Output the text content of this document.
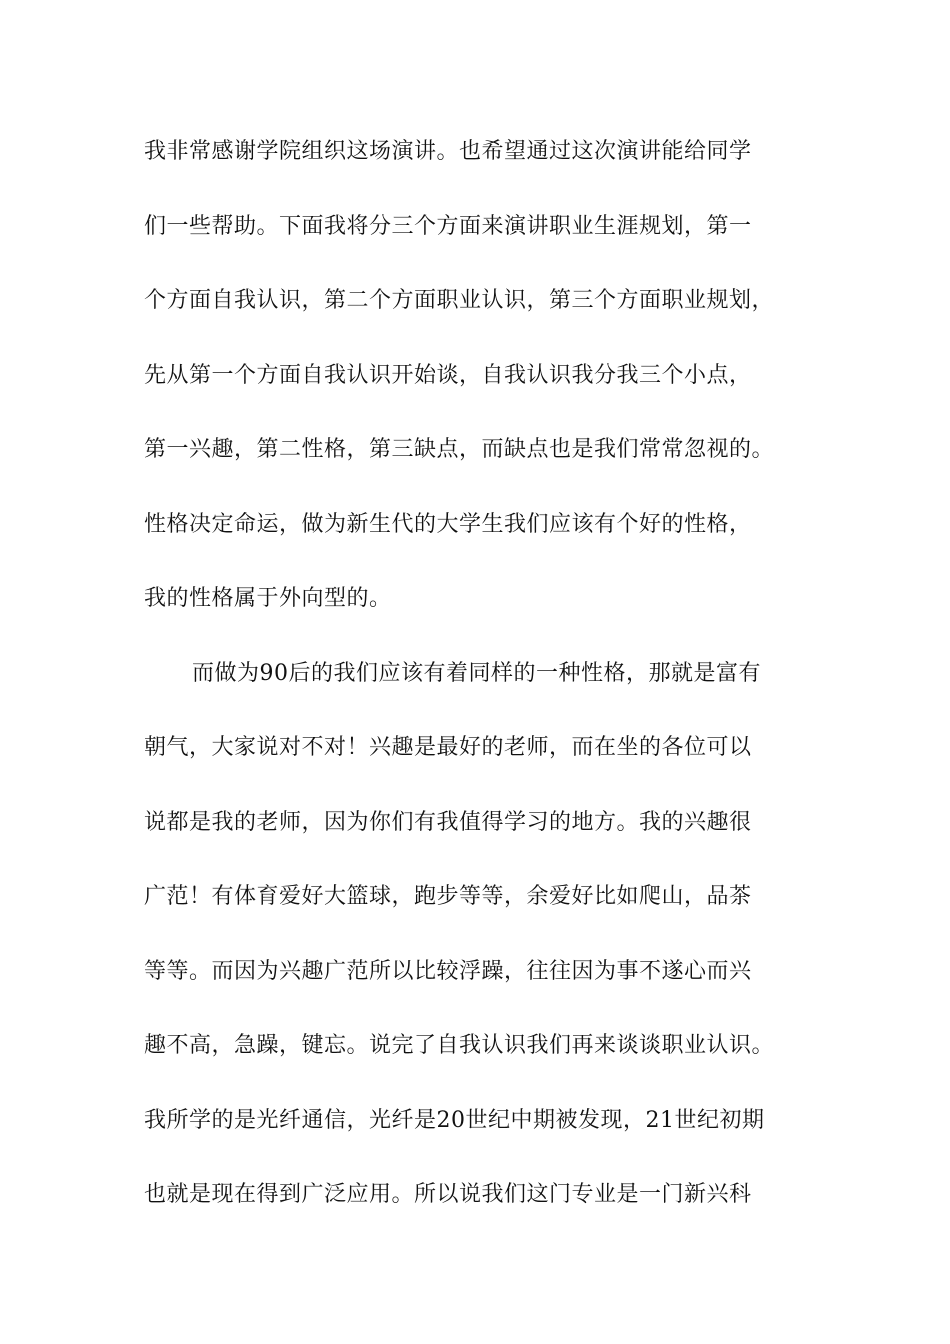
我非常感谢学院组织这场演讲。也希望通过这次演讲能给同学
们一些帮助。下面我将分三个方面来演讲职业生涯规划，第一
个方面自我认识，第二个方面职业认识，第三个方面职业规划，
先从第一个方面自我认识开始谈，自我认识我分我三个小点，
第一兴趣，第二性格，第三缺点，而缺点也是我们常常忽视的。
性格决定命运，做为新生代的大学生我们应该有个好的性格，
我的性格属于外向型的。
而做为90后的我们应该有着同样的一种性格，那就是富有
朝气，大家说对不对！兴趣是最好的老师，而在坐的各位可以
说都是我的老师，因为你们有我值得学习的地方。我的兴趣很
广范！有体育爱好大篮球，跑步等等，余爱好比如爬山，品茶
等等。而因为兴趣广范所以比较浮躁，往往因为事不遂心而兴
趣不高，急躁，键忘。说完了自我认识我们再来谈谈职业认识。
我所学的是光纤通信，光纤是20世纪中期被发现，21世纪初期
也就是现在得到广泛应用。所以说我们这门专业是一门新兴科
